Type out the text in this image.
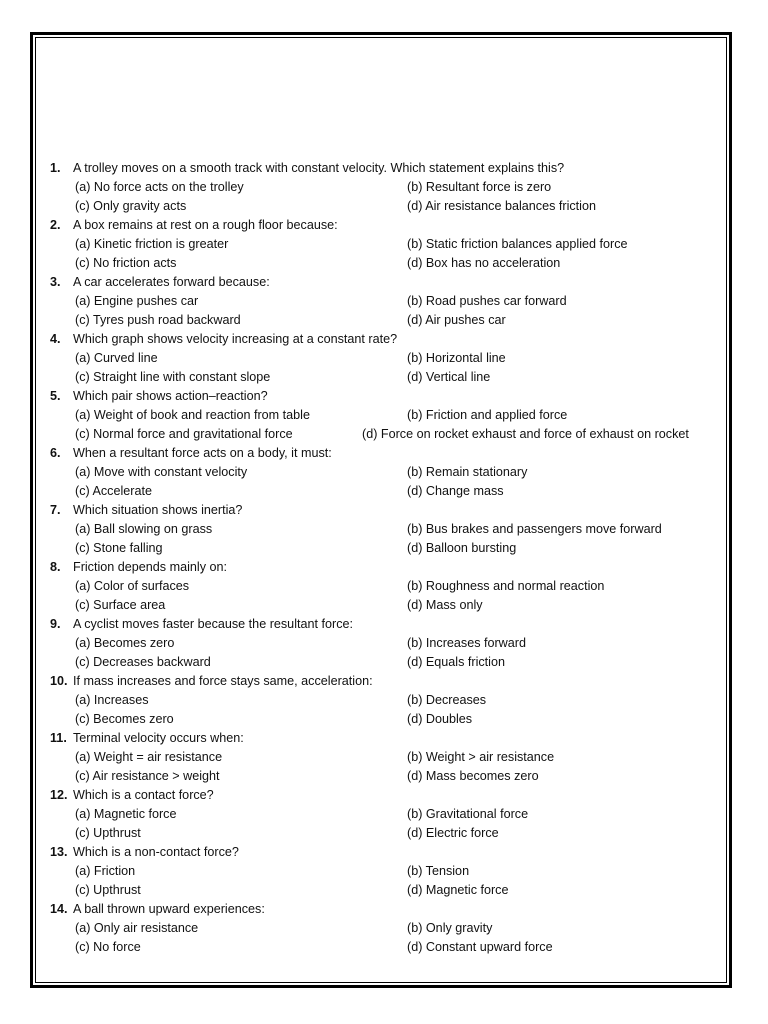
1. A trolley moves on a smooth track with constant velocity. Which statement explains this?
(a) No force acts on the trolley	(b) Resultant force is zero
(c) Only gravity acts	(d) Air resistance balances friction
2. A box remains at rest on a rough floor because:
(a) Kinetic friction is greater	(b) Static friction balances applied force
(c) No friction acts	(d) Box has no acceleration
3. A car accelerates forward because:
(a) Engine pushes car	(b) Road pushes car forward
(c) Tyres push road backward	(d) Air pushes car
4. Which graph shows velocity increasing at a constant rate?
(a) Curved line	(b) Horizontal line
(c) Straight line with constant slope	(d) Vertical line
5. Which pair shows action–reaction?
(a) Weight of book and reaction from table	(b) Friction and applied force
(c) Normal force and gravitational force	(d) Force on rocket exhaust and force of exhaust on rocket
6. When a resultant force acts on a body, it must:
(a) Move with constant velocity	(b) Remain stationary
(c) Accelerate	(d) Change mass
7. Which situation shows inertia?
(a) Ball slowing on grass	(b) Bus brakes and passengers move forward
(c) Stone falling	(d) Balloon bursting
8. Friction depends mainly on:
(a) Color of surfaces	(b) Roughness and normal reaction
(c) Surface area	(d) Mass only
9. A cyclist moves faster because the resultant force:
(a) Becomes zero	(b) Increases forward
(c) Decreases backward	(d) Equals friction
10. If mass increases and force stays same, acceleration:
(a) Increases	(b) Decreases
(c) Becomes zero	(d) Doubles
11. Terminal velocity occurs when:
(a) Weight = air resistance	(b) Weight > air resistance
(c) Air resistance > weight	(d) Mass becomes zero
12. Which is a contact force?
(a) Magnetic force	(b) Gravitational force
(c) Upthrust	(d) Electric force
13. Which is a non-contact force?
(a) Friction	(b) Tension
(c) Upthrust	(d) Magnetic force
14. A ball thrown upward experiences:
(a) Only air resistance	(b) Only gravity
(c) No force	(d) Constant upward force
